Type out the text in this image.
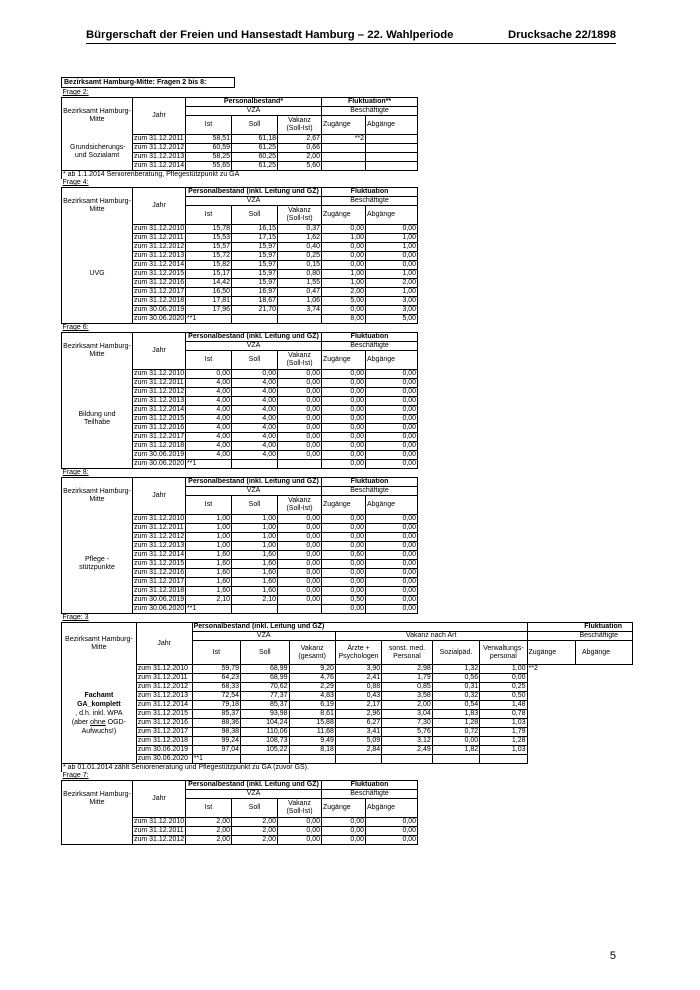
Bürgerschaft der Freien und Hansestadt Hamburg – 22. Wahlperiode	Drucksache 22/1898
Bezirksamt Hamburg-Mitte: Fragen 2 bis 8:
Frage 2:						
Bezirksamt Hamburg-Mitte	Jahr	Personalbestand*			Fluktuation**	
		VZÄ			Beschäftigte	
		Ist	Soll	Vakanz (Soll-Ist)	Zugänge	Abgänge
Grundsicherungs- und Sozialamt	zum 31.12.2011	58,51	61,18	2,67	**2	
	zum 31.12.2012	60,59	61,25	0,66		
	zum 31.12.2013	58,25	60,25	2,00		
	zum 31.12.2014	55,65	61,25	5,60		
* ab 1.1.2014 Seniorenberatung, Pflegestützpunkt zu GA						
Frage 4:						
Bezirksamt Hamburg-Mitte	Jahr	Personalbestand (inkl. Leitung und GZ)			Fluktuation	
		VZÄ			Beschäftigte	
		Ist	Soll	Vakanz (Soll-Ist)	Zugänge	Abgänge
UVG	zum 31.12.2010	15,78	16,15	0,37	0,00	0,00
	zum 31.12.2011	15,53	17,15	1,62	1,00	1,00
	zum 31.12.2012	15,57	15,97	0,40	0,00	1,00
	zum 31.12.2013	15,72	15,97	0,25	0,00	0,00
	zum 31.12.2014	15,82	15,97	0,15	0,00	0,00
	zum 31.12.2015	15,17	15,97	0,80	1,00	1,00
	zum 31.12.2016	14,42	15,97	1,55	1,00	2,00
	zum 31.12.2017	16,50	16,97	0,47	2,00	1,00
	zum 31.12.2018	17,81	18,67	1,06	5,00	3,00
	zum 30.06.2019	17,96	21,70	3,74	0,00	3,00
	zum 30.06.2020	**1			8,00	5,00
Frage 6:						
Bezirksamt Hamburg-Mitte	Jahr	Personalbestand (inkl. Leitung und GZ)			Fluktuation	
		VZÄ			Beschäftigte	
		Ist	Soll	Vakanz (Soll-Ist)	Zugänge	Abgänge
Bildung und Teilhabe	zum 31.12.2010	0,00	0,00	0,00	0,00	0,00
	zum 31.12.2011	4,00	4,00	0,00	0,00	0,00
	zum 31.12.2012	4,00	4,00	0,00	0,00	0,00
	zum 31.12.2013	4,00	4,00	0,00	0,00	0,00
	zum 31.12.2014	4,00	4,00	0,00	0,00	0,00
	zum 31.12.2015	4,00	4,00	0,00	0,00	0,00
	zum 31.12.2016	4,00	4,00	0,00	0,00	0,00
	zum 31.12.2017	4,00	4,00	0,00	0,00	0,00
	zum 31.12.2018	4,00	4,00	0,00	0,00	0,00
	zum 30.06.2019	4,00	4,00	0,00	0,00	0,00
	zum 30.06.2020	**1			0,00	0,00
Frage 8:						
Bezirksamt Hamburg-Mitte	Jahr	Personalbestand (inkl. Leitung und GZ)			Fluktuation	
		VZÄ			Beschäftigte	
		Ist	Soll	Vakanz (Soll-Ist)	Zugänge	Abgänge
Pflege -stützpunkte	zum 31.12.2010	1,00	1,00	0,00	0,00	0,00
	zum 31.12.2011	1,00	1,00	0,00	0,00	0,00
	zum 31.12.2012	1,00	1,00	0,00	0,00	0,00
	zum 31.12.2013	1,00	1,00	0,00	0,00	0,00
	zum 31.12.2014	1,60	1,60	0,00	0,60	0,00
	zum 31.12.2015	1,60	1,60	0,00	0,00	0,00
	zum 31.12.2016	1,60	1,60	0,00	0,00	0,00
	zum 31.12.2017	1,60	1,60	0,00	0,00	0,00
	zum 31.12.2018	1,60	1,60	0,00	0,00	0,00
	zum 30.06.2019	2,10	2,10	0,00	0,50	0,00
	zum 30.06.2020	**1			0,00	0,00
Frage: 3										
Bezirksamt Hamburg-Mitte	Jahr	Personalbestand (inkl. Leitung und GZ)							Fluktuation	
		VZÄ			Vakanz nach Art				Beschäftigte	
		Ist	Soll	Vakanz (gesamt)	Ärzte + Psychologen	sonst. med. Personal	Sozialpäd.	Verwaltungs- personal	Zugänge	Abgänge
Fachamt
GA_komplett
, d.h. inkl. WPA
(aber ohne OGD-Aufwuchs!)	zum 31.12.2010	59,79	68,99	9,20	3,90	2,98	1,32	1,00	**2	
	zum 31.12.2011	64,23	68,99	4,76	2,41	1,79	0,56	0,00		
	zum 31.12.2012	68,33	70,62	2,29	0,88	0,85	0,31	0,25		
	zum 31.12.2013	72,54	77,37	4,83	0,43	3,58	0,32	0,50		
	zum 31.12.2014	79,18	85,37	6,19	2,17	2,00	0,54	1,48		
	zum 31.12.2015	85,37	93,98	8,61	2,96	3,04	1,83	0,78		
	zum 31.12.2016	88,36	104,24	15,88	6,27	7,30	1,28	1,03		
	zum 31.12.2017	98,38	110,06	11,68	3,41	5,76	0,72	1,79		
	zum 31.12.2018	99,24	108,73	9,49	5,09	3,12	0,00	1,28		
	zum 30.06.2019	97,04	105,22	8,18	2,84	2,49	1,82	1,03		
	zum 30.06.2020	**1								
* ab 01.01.2014 zählt Senioreneratung und Pflegestützpunkt zu GA (zuvor GS).										
Frage 7:						
Bezirksamt Hamburg-Mitte	Jahr	Personalbestand (inkl. Leitung und GZ)			Fluktuation	
		VZÄ			Beschäftigte	
		Ist	Soll	Vakanz (Soll-Ist)	Zugänge	Abgänge
	zum 31.12.2010	2,00	2,00	0,00	0,00	0,00
	zum 31.12.2011	2,00	2,00	0,00	0,00	0,00
	zum 31.12.2012	2,00	2,00	0,00	0,00	0,00
5
